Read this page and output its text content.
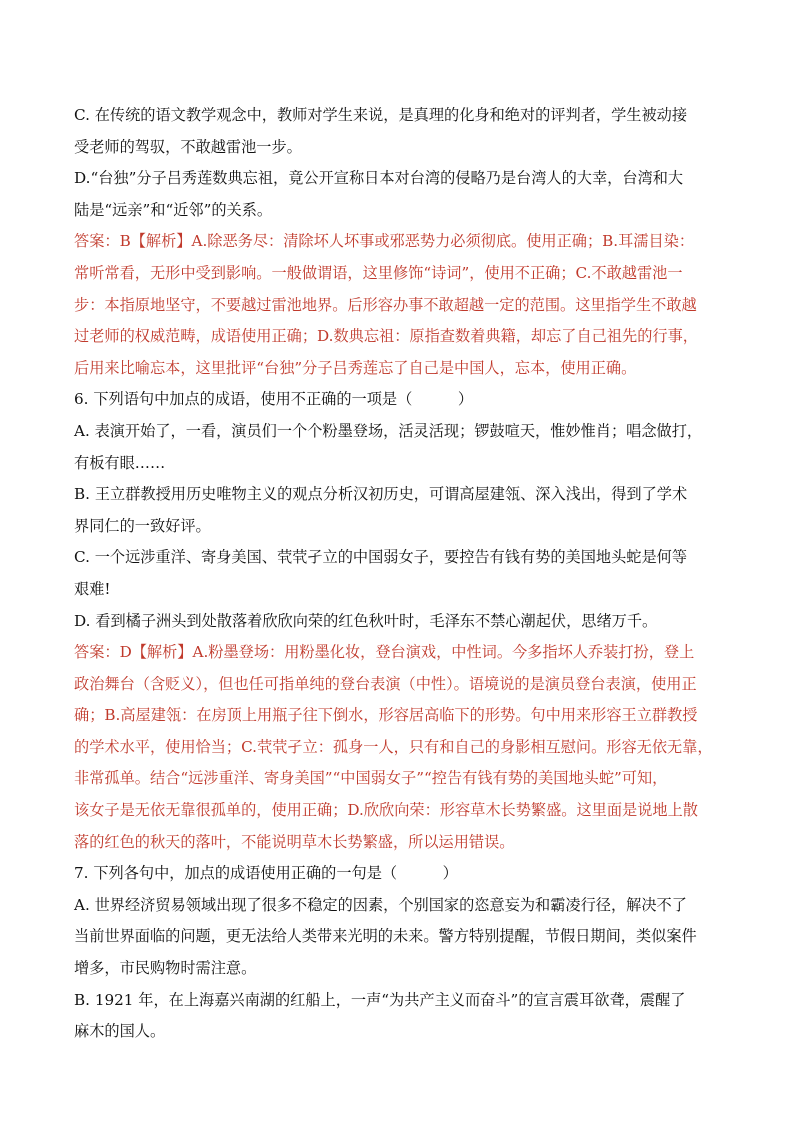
C. 在传统的语文教学观念中，教师对学生来说，是真理的化身和绝对的评判者，学生被动接
受老师的驾驭，不敢越雷池一步。
D.“台独”分子吕秀莲数典忘祖，竟公开宣称日本对台湾的侵略乃是台湾人的大幸，台湾和大
陆是“远亲”和“近邻”的关系。
答案：B【解析】A.除恶务尽：清除坏人坏事或邪恶势力必须彻底。使用正确；B.耳濡目染：
常听常看，无形中受到影响。一般做谓语，这里修饰“诗词”，使用不正确；C.不敢越雷池一
步：本指原地坚守，不要越过雷池地界。后形容办事不敢超越一定的范围。这里指学生不敢越
过老师的权威范畴，成语使用正确；D.数典忘祖：原指查数着典籍，却忘了自己祖先的行事，
后用来比喻忘本，这里批评“台独”分子吕秀莲忘了自己是中国人，忘本，使用正确。
6. 下列语句中加点的成语，使用不正确的一项是（　　　）
A. 表演开始了，一看，演员们一个个粉墨登场，活灵活现；锣鼓喧天，惟妙惟肖；唱念做打，
有板有眼……
B. 王立群教授用历史唯物主义的观点分析汉初历史，可谓高屋建瓴、深入浅出，得到了学术
界同仁的一致好评。
C. 一个远涉重洋、寄身美国、茕茕孑立的中国弱女子，要控告有钱有势的美国地头蛇是何等
艰难!
D. 看到橘子洲头到处散落着欣欣向荣的红色秋叶时，毛泽东不禁心潮起伏，思绪万千。
答案：D【解析】A.粉墨登场：用粉墨化妆，登台演戏，中性词。今多指坏人乔装打扮，登上
政治舞台（含贬义），但也任可指单纯的登台表演（中性）。语境说的是演员登台表演，使用正
确；B.高屋建瓴：在房顶上用瓶子往下倒水，形容居高临下的形势。句中用来形容王立群教授
的学术水平，使用恰当；C.茕茕孑立：孤身一人，只有和自己的身影相互慰问。形容无依无靠，
非常孤单。结合“远涉重洋、寄身美国”“中国弱女子”“控告有钱有势的美国地头蛇”可知，
该女子是无依无靠很孤单的，使用正确；D.欣欣向荣：形容草木长势繁盛。这里面是说地上散
落的红色的秋天的落叶，不能说明草木长势繁盛，所以运用错误。
7. 下列各句中，加点的成语使用正确的一句是（　　　）
A. 世界经济贸易领域出现了很多不稳定的因素，个别国家的恣意妄为和霸凌行径，解决不了
当前世界面临的问题，更无法给人类带来光明的未来。警方特别提醒，节假日期间，类似案件
增多，市民购物时需注意。
B. 1921 年，在上海嘉兴南湖的红船上，一声“为共产主义而奋斗”的宣言震耳欲聋，震醒了
麻木的国人。
